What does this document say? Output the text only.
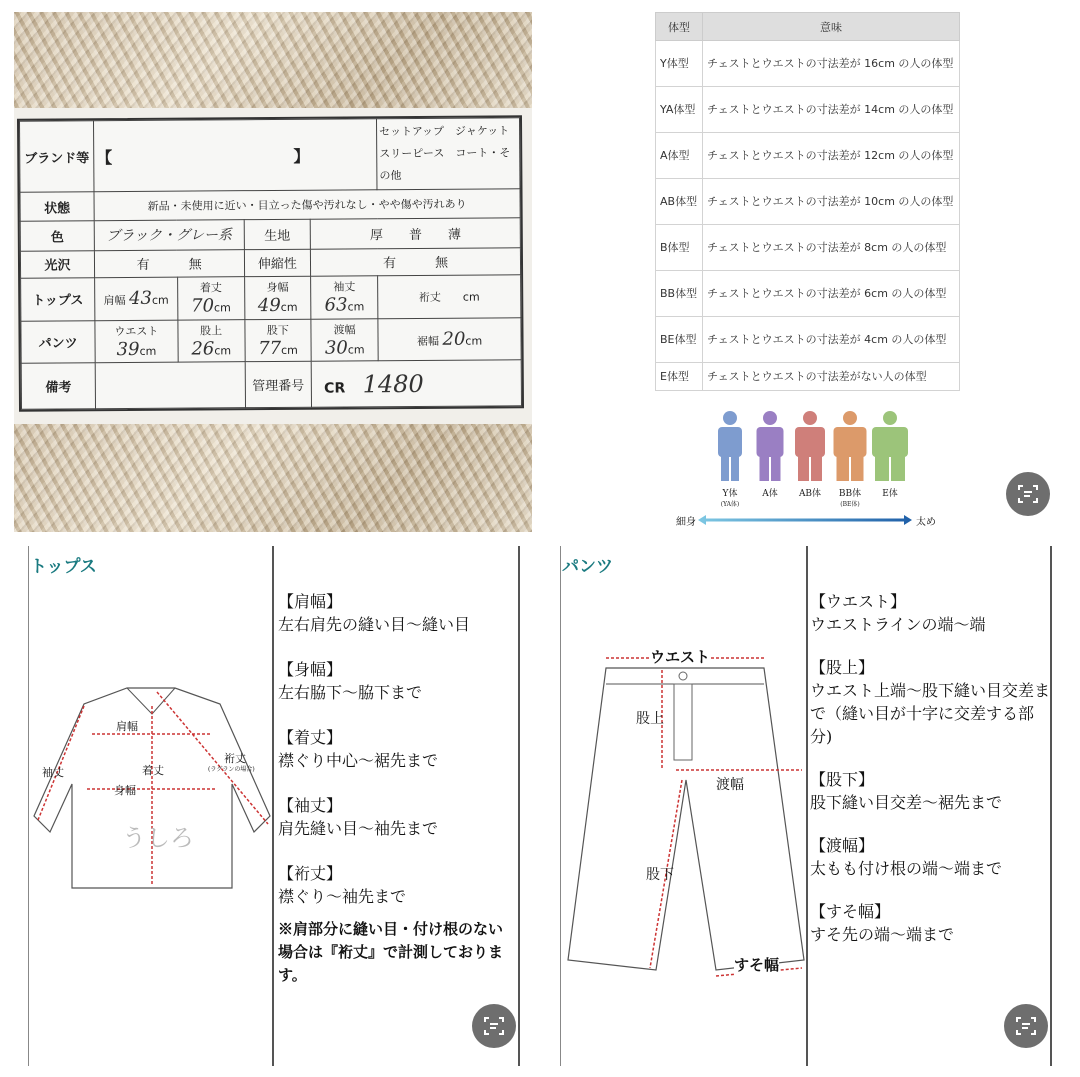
ブランド等	【 】				セットアップ　 ジャケット
スリーピース　 コート・その他

状態	新品・未使用に近い・目立った傷や汚れなし・やや傷や汚れあり				
色	ブラック・グレー系		生地	厚　　普　　薄	
光沢	有　　　無		伸縮性	有　　　無	
トップス	肩幅 43cm	着丈 70cm	身幅 49cm	袖丈 63cm	裄丈　　 cm
パンツ	ウエスト39cm	股上 26cm	股下 77cm	渡幅 30cm	裾幅 20cm
備考			管理番号	CR 1480	
体型	意味
Y体型	チェストとウエストの寸法差が 16cm の人の体型
YA体型	チェストとウエストの寸法差が 14cm の人の体型
A体型	チェストとウエストの寸法差が 12cm の人の体型
AB体型	チェストとウエストの寸法差が 10cm の人の体型
B体型	チェストとウエストの寸法差が 8cm の人の体型
BB体型	チェストとウエストの寸法差が 6cm の人の体型
BE体型	チェストとウエストの寸法差が 4cm の人の体型
E体型	チェストとウエストの寸法差がない人の体型
Y体
(YA体)
A体	AB体	BB体
(BE体)
E体
細身	太め
トップス
肩幅
着丈
身幅
袖丈
裄丈
(ラグランの場合)
うしろ
【肩幅】
左右肩先の縫い目〜縫い目
【身幅】
左右脇下〜脇下まで
【着丈】
襟ぐり中心〜裾先まで
【袖丈】
肩先縫い目〜袖先まで
【裄丈】
襟ぐり〜袖先まで
※肩部分に縫い目・付け根のない場合は『裄丈』で計測しております。
パンツ
ウエスト
股上
渡幅
股下
すそ幅
【ウエスト】
ウエストラインの端〜端
【股上】
ウエスト上端〜股下縫い目交差まで（縫い目が十字に交差する部分)
【股下】
股下縫い目交差〜裾先まで
【渡幅】
太もも付け根の端〜端まで
【すそ幅】
すそ先の端〜端まで
